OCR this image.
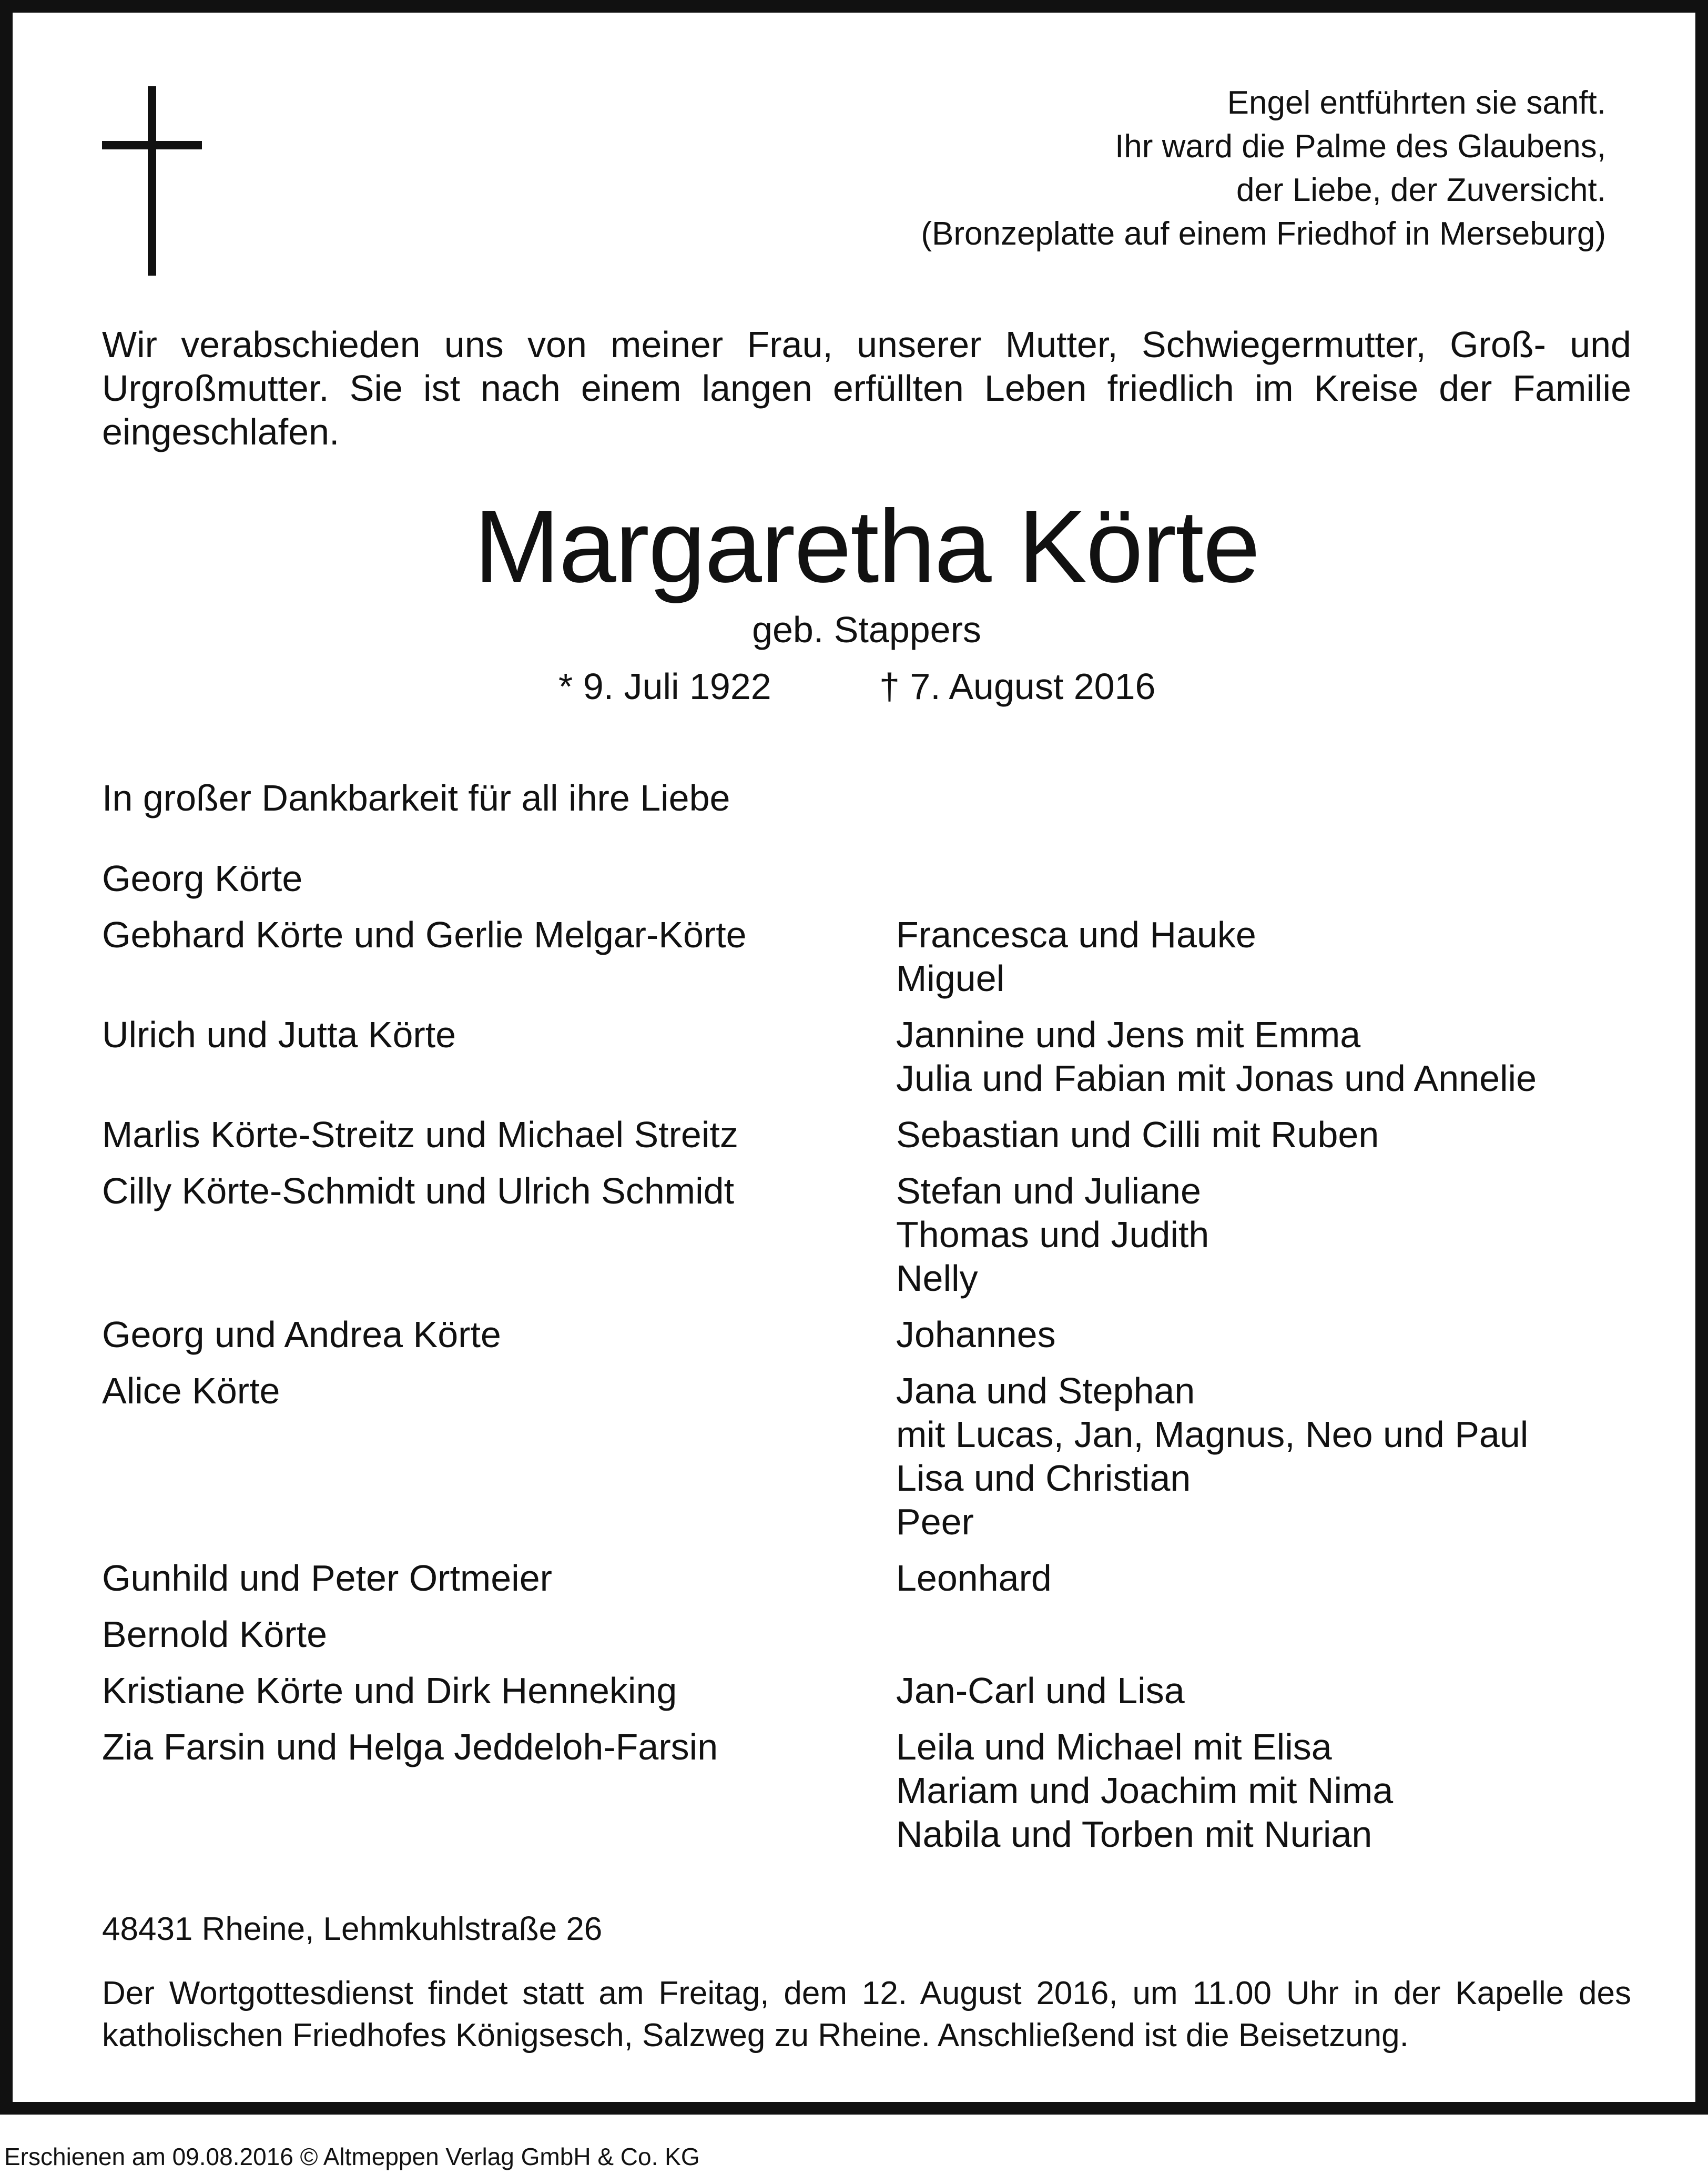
Engel entführten sie sanft.
Ihr ward die Palme des Glaubens,
der Liebe, der Zuversicht.
(Bronzeplatte auf einem Friedhof in Merseburg)
Wir verabschieden uns von meiner Frau, unserer Mutter, Schwiegermutter, Groß- und Urgroßmutter. Sie ist nach einem langen erfüllten Leben friedlich im Kreise der Familie eingeschlafen.
Margaretha Körte
geb. Stappers
* 9. Juli 1922	† 7. August 2016
In großer Dankbarkeit für all ihre Liebe
Georg Körte
Gebhard Körte und Gerlie Melgar-Körte	Francesca und Hauke
Miguel
Ulrich und Jutta Körte	Jannine und Jens mit Emma
Julia und Fabian mit Jonas und Annelie
Marlis Körte-Streitz und Michael Streitz	Sebastian und Cilli mit Ruben
Cilly Körte-Schmidt und Ulrich Schmidt	Stefan und Juliane
Thomas und Judith
Nelly
Georg und Andrea Körte	Johannes
Alice Körte	Jana und Stephan
mit Lucas, Jan, Magnus, Neo und Paul
Lisa und Christian
Peer
Gunhild und Peter Ortmeier	Leonhard
Bernold Körte
Kristiane Körte und Dirk Henneking	Jan-Carl und Lisa
Zia Farsin und Helga Jeddeloh-Farsin	Leila und Michael mit Elisa
Mariam und Joachim mit Nima
Nabila und Torben mit Nurian
48431 Rheine, Lehmkuhlstraße 26
Der Wortgottesdienst findet statt am Freitag, dem 12. August 2016, um 11.00 Uhr in der Kapelle des katholischen Friedhofes Königsesch, Salzweg zu Rheine. Anschließend ist die Beisetzung.
Erschienen am 09.08.2016 © Altmeppen Verlag GmbH & Co. KG
